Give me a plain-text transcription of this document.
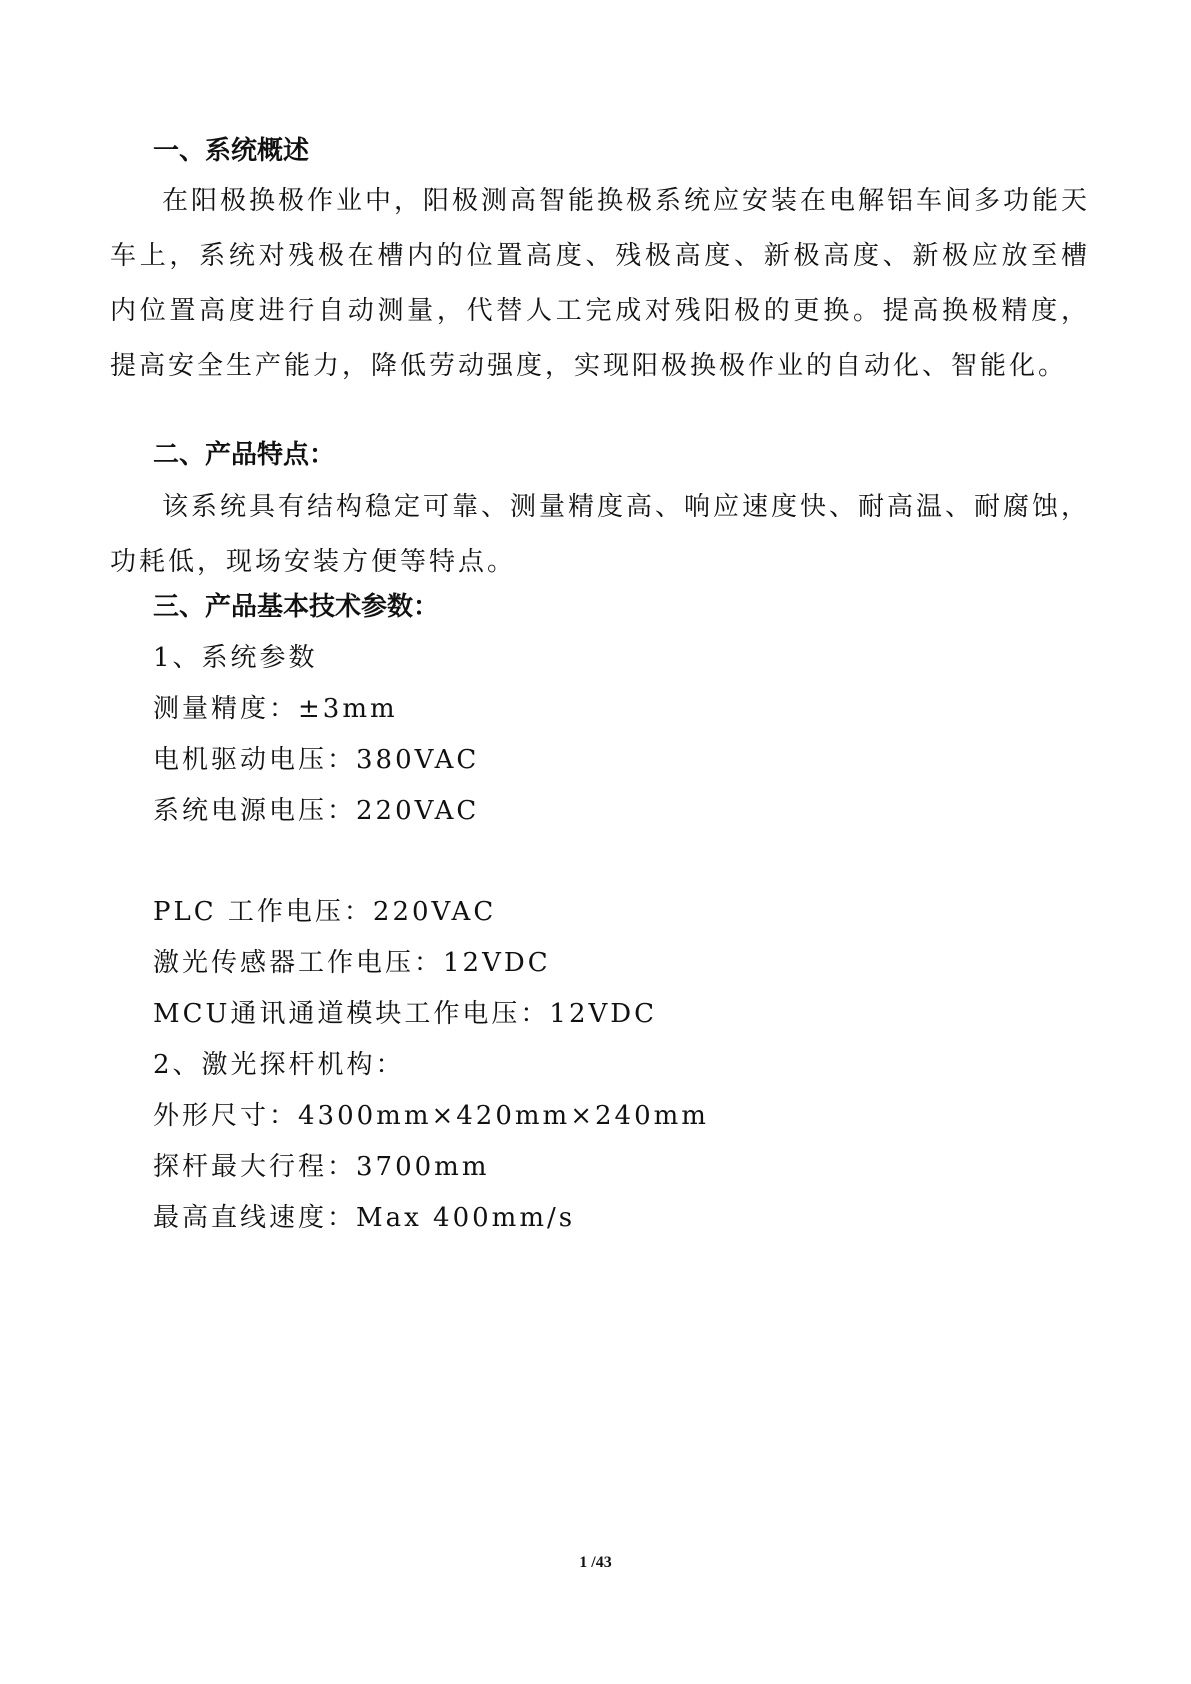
一、系统概述
在阳极换极作业中，阳极测高智能换极系统应安装在电解铝车间多功能天车上，系统对残极在槽内的位置高度、残极高度、新极高度、新极应放至槽内位置高度进行自动测量，代替人工完成对残阳极的更换。提高换极精度，提高安全生产能力，降低劳动强度，实现阳极换极作业的自动化、智能化。
二、产品特点：
该系统具有结构稳定可靠、测量精度高、响应速度快、耐高温、耐腐蚀，功耗低，现场安装方便等特点。
三、产品基本技术参数：
1、系统参数
测量精度：±3mm
电机驱动电压：380VAC
系统电源电压：220VAC
PLC 工作电压：220VAC
激光传感器工作电压：12VDC
MCU通讯通道模块工作电压：12VDC
2、激光探杆机构：
外形尺寸：4300mm×420mm×240mm
探杆最大行程：3700mm
最高直线速度：Max 400mm/s
1 /43
